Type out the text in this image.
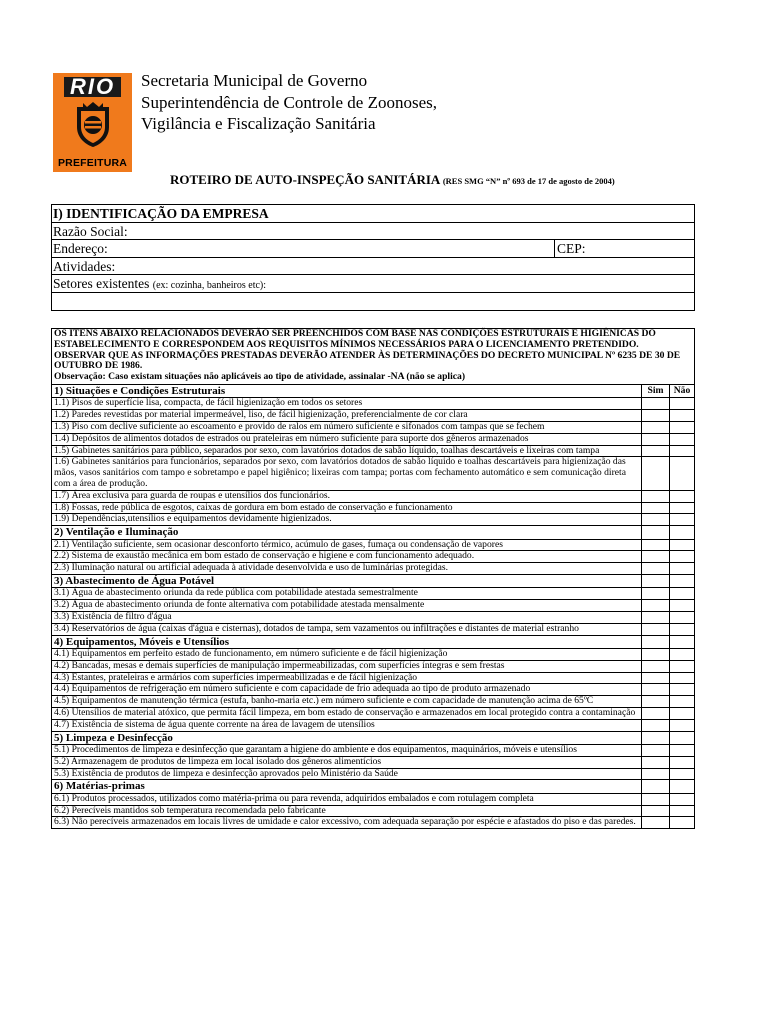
RIO
PREFEITURA
Secretaria Municipal de Governo
Superintendência de Controle de Zoonoses,
Vigilância e Fiscalização Sanitária
ROTEIRO DE AUTO-INSPEÇÃO SANITÁRIA (RES SMG “N” nº 693 de 17 de agosto de 2004)
I) IDENTIFICAÇÃO DA EMPRESA
Razão Social:
Endereço:	CEP:
Atividades:
Setores existentes (ex: cozinha, banheiros etc):
OS ITENS ABAIXO RELACIONADOS DEVERÃO SER PREENCHIDOS COM BASE NAS CONDIÇÕES ESTRUTURAIS E HIGIÊNICAS DO ESTABELECIMENTO E CORRESPONDEM AOS REQUISITOS MÍNIMOS NECESSÁRIOS PARA O LICENCIAMENTO PRETENDIDO. OBSERVAR QUE AS INFORMAÇÕES PRESTADAS DEVERÃO ATENDER ÀS DETERMINAÇÕES DO DECRETO MUNICIPAL Nº 6235 DE 30 DE OUTUBRO DE 1986.
Observação: Caso existam situações não aplicáveis ao tipo de atividade, assinalar -NA (não se aplica)
1) Situações e Condições Estruturais	Sim	Não
1.1) Pisos de superfície lisa, compacta, de fácil higienização em todos os setores
1.2) Paredes revestidas por material impermeável, liso, de fácil higienização, preferencialmente de cor clara
1.3) Piso com declive suficiente ao escoamento e provido de ralos em número suficiente e sifonados com tampas que se fechem
1.4) Depósitos de alimentos dotados de estrados ou prateleiras em número suficiente para suporte dos gêneros armazenados
1.5) Gabinetes sanitários para público, separados por sexo, com lavatórios dotados de sabão líquido, toalhas descartáveis e lixeiras com tampa
1.6) Gabinetes sanitários para funcionários, separados por sexo, com lavatórios dotados de sabão líquido e toalhas descartáveis para higienização das mãos, vasos sanitários com tampo e sobretampo e papel higiênico; lixeiras com tampa; portas com fechamento automático e sem comunicação direta com a área de produção.
1.7) Área exclusiva para guarda de roupas e utensílios dos funcionários.
1.8) Fossas, rede pública de esgotos, caixas de gordura em bom estado de conservação e funcionamento
1.9) Dependências,utensílios e equipamentos devidamente higienizados.
2) Ventilação e Iluminação
2.1) Ventilação suficiente, sem ocasionar desconforto térmico, acúmulo de gases, fumaça ou condensação de vapores
2.2) Sistema de exaustão mecânica em bom estado de conservação e higiene e com funcionamento adequado.
2.3) Iluminação natural ou artificial adequada à atividade desenvolvida e uso de luminárias protegidas.
3) Abastecimento de Água Potável
3.1) Água de abastecimento oriunda da rede pública com potabilidade atestada semestralmente
3.2) Água de abastecimento oriunda de fonte alternativa com potabilidade atestada mensalmente
3.3) Existência de filtro d'água
3.4) Reservatórios de água (caixas d'água e cisternas), dotados de tampa, sem vazamentos ou infiltrações e distantes de material estranho
4) Equipamentos, Móveis e Utensílios
4.1) Equipamentos em perfeito estado de funcionamento, em número suficiente e de fácil higienização
4.2) Bancadas, mesas e demais superfícies de manipulação impermeabilizadas, com superfícies íntegras e sem frestas
4.3) Estantes, prateleiras e armários com superfícies impermeabilizadas e de fácil higienização
4.4) Equipamentos de refrigeração em número suficiente e com capacidade de frio adequada ao tipo de produto armazenado
4.5) Equipamentos de manutenção térmica (estufa, banho-maria etc.) em número suficiente e com capacidade de manutenção acima de 65ºC
4.6) Utensílios de material atóxico, que permita fácil limpeza, em bom estado de conservação e armazenados em local protegido contra a contaminação
4.7) Existência de sistema de água quente corrente na área de lavagem de utensílios
5) Limpeza e Desinfecção
5.1) Procedimentos de limpeza e desinfecção que garantam a higiene do ambiente e dos equipamentos, maquinários, móveis e utensílios
5.2) Armazenagem de produtos de limpeza em local isolado dos gêneros alimentícios
5.3) Existência de produtos de limpeza e desinfecção aprovados pelo Ministério da Saúde
6) Matérias-primas
6.1) Produtos processados, utilizados como matéria-prima ou para revenda, adquiridos embalados e com rotulagem completa
6.2) Perecíveis mantidos sob temperatura recomendada pelo fabricante
6.3) Não perecíveis armazenados em locais livres de umidade e calor excessivo, com adequada separação por espécie e afastados do piso e das paredes.
